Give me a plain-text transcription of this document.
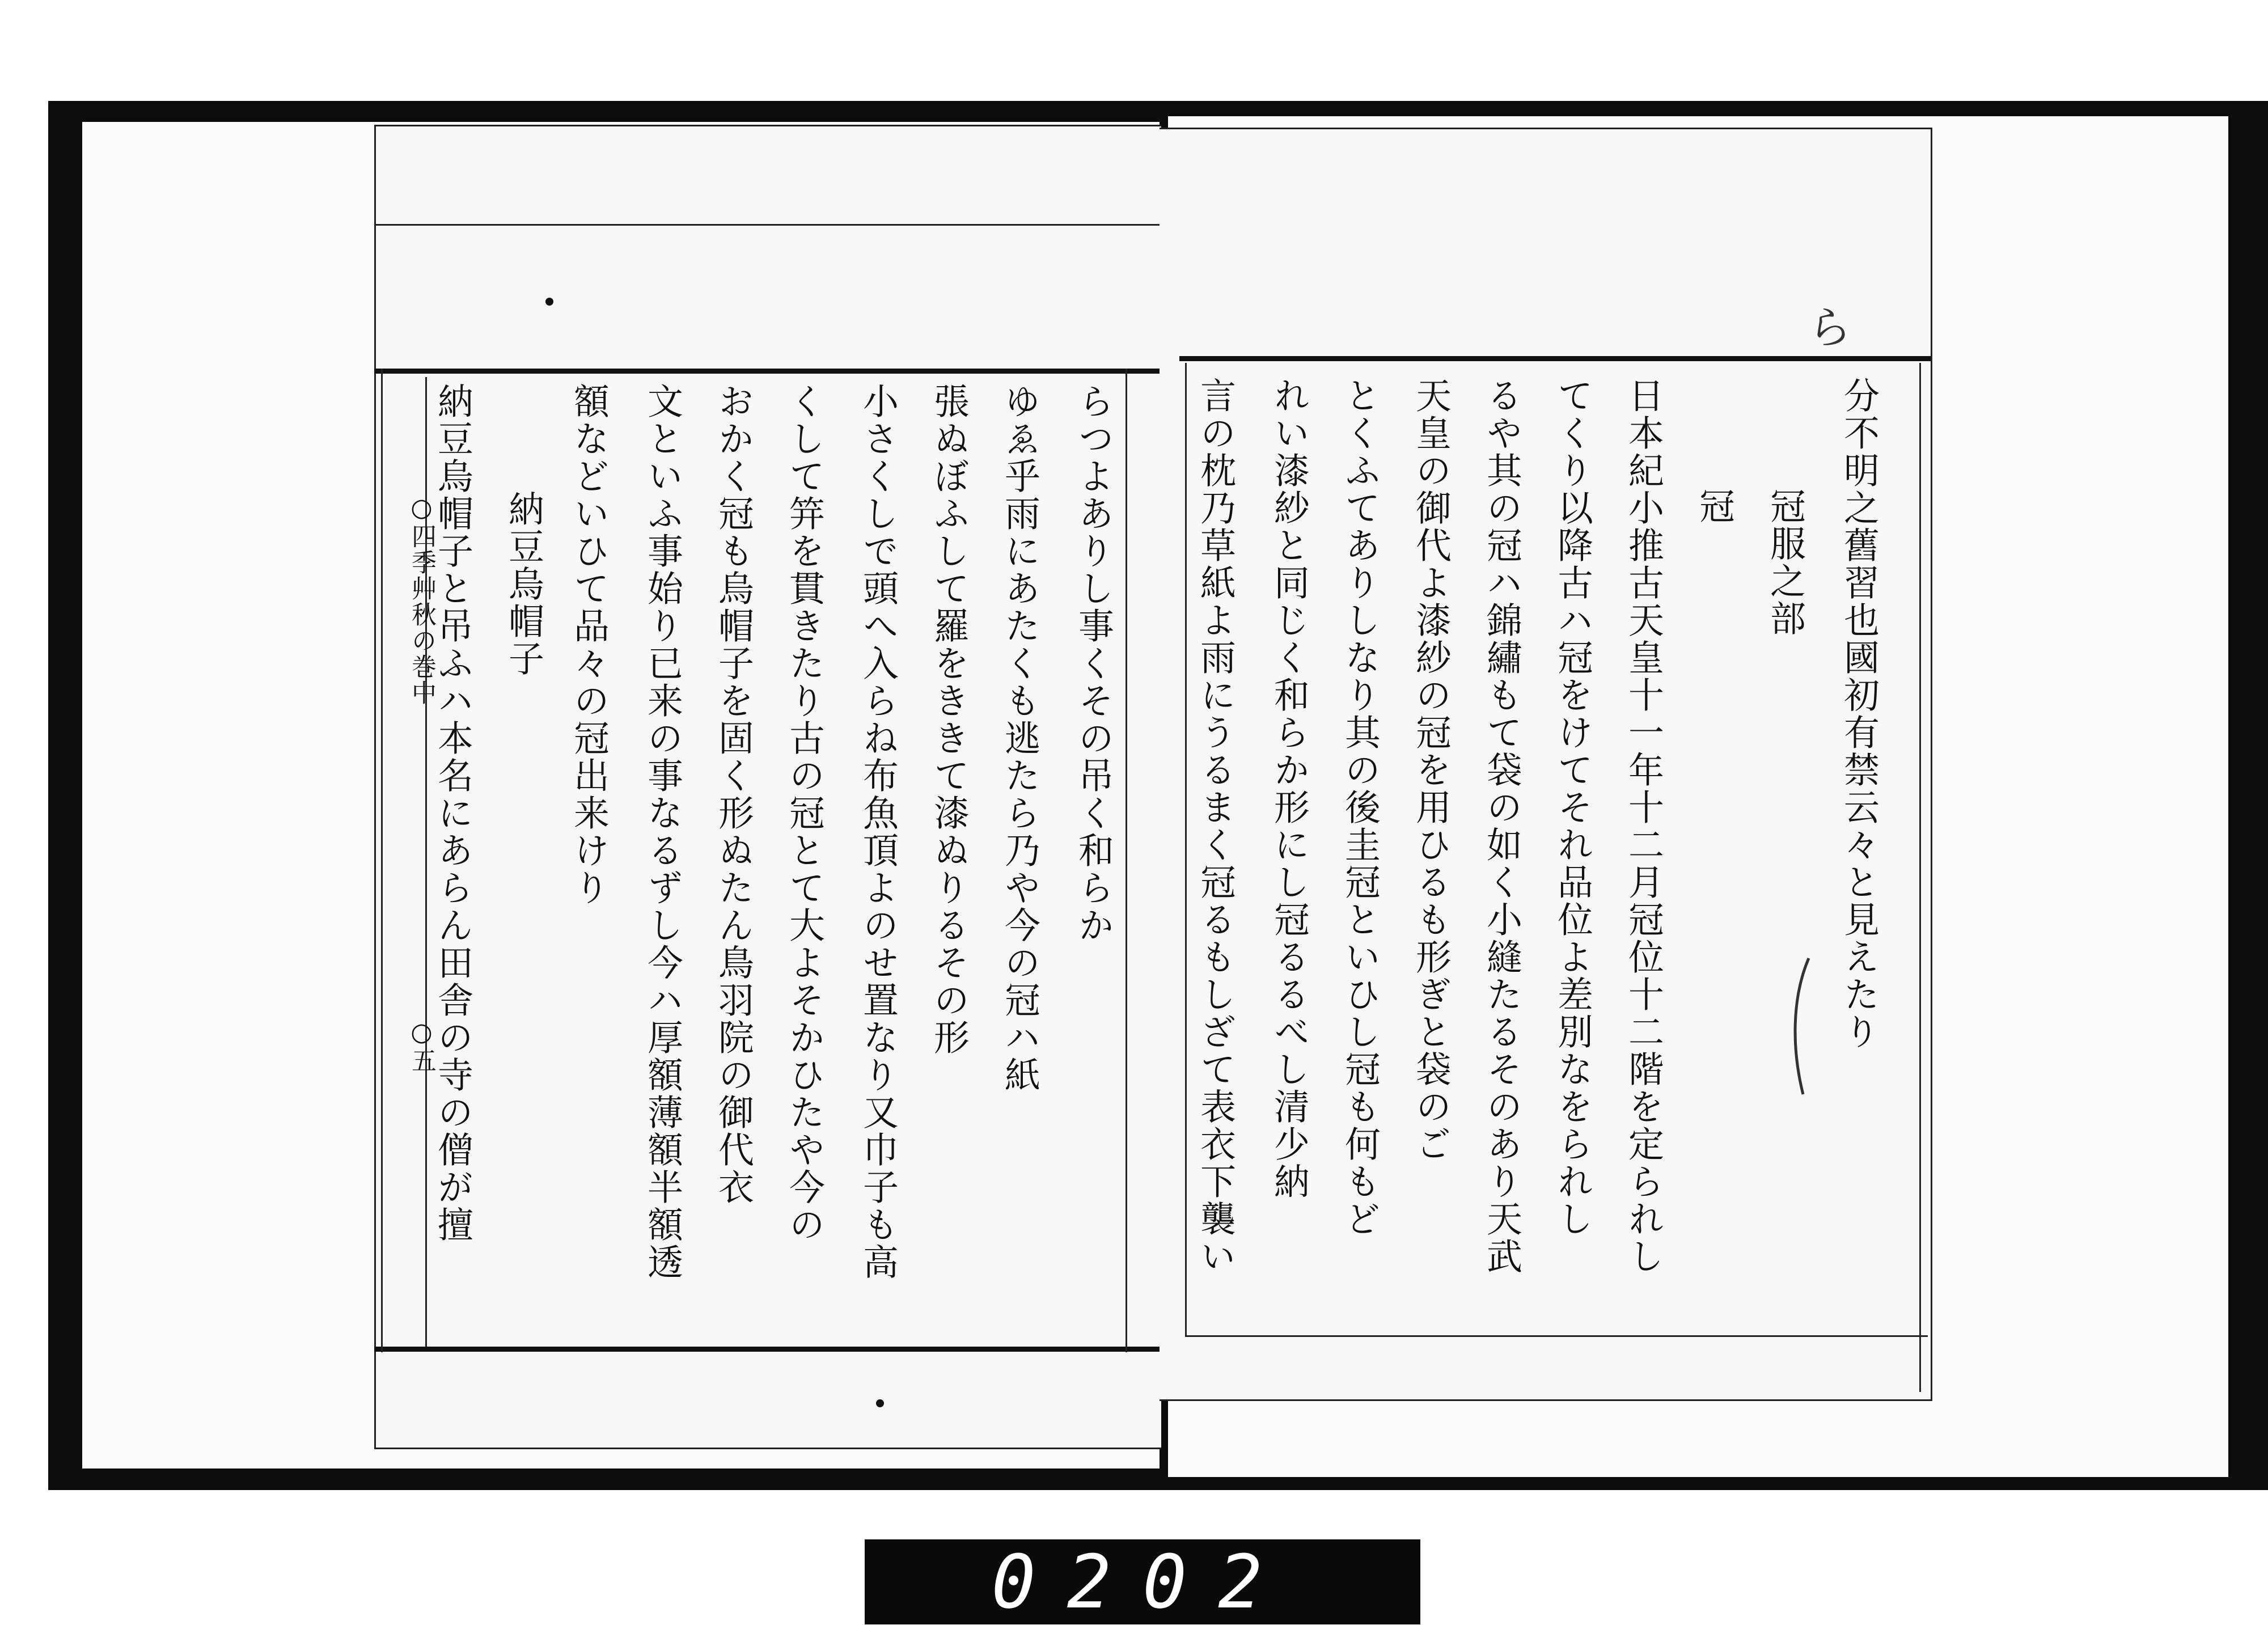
○四季艸秋の巻中
○五
らつよありし事くその吊く和らか
ゆゑ乎雨にあたくも逃たら乃や今の冠ハ紙
張ぬぼふして羅をききて漆ぬりるその形
小さくしで頭へ入らね布魚頂よのせ置なり又巾子も高
くして笄を貫きたり古の冠とて大よそかひたや今の
おかく冠も烏帽子を固く形ぬたん鳥羽院の御代衣
文といふ事始り已来の事なるずし今ハ厚額薄額半額透
額などいひて品々の冠出来けり
納豆烏帽子
納豆烏帽子と吊ふハ本名にあらん田舎の寺の僧が擅	分不明之舊習也國初有禁云々と見えたり
冠服之部
冠
日本紀小推古天皇十一年十二月冠位十二階を定られし
てくり以降古ハ冠をけてそれ品位よ差別なをられし
るや其の冠ハ錦繡もて袋の如く小縫たるそのあり天武
天皇の御代よ漆紗の冠を用ひるも形ぎと袋のご
とくふてありしなり其の後圭冠といひし冠も何もど
れい漆紗と同じく和らか形にし冠るるべし清少納
言の枕乃草紙よ雨にうるまく冠るもしざて表衣下襲い
ら
0202
